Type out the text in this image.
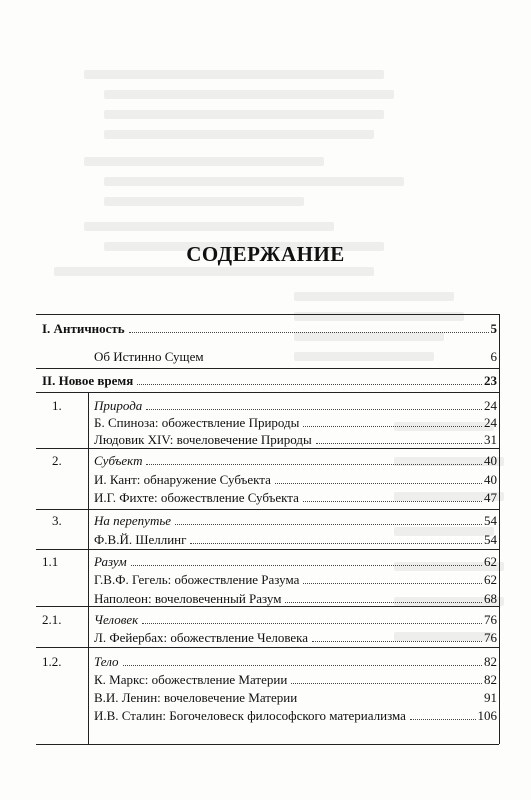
СОДЕРЖАНИЕ
I. Античность	5
Об Истинно Сущем	6
II. Новое время	23
1. Природа	24
Б. Спиноза: обожествление Природы	24
Людовик XIV: вочеловечение Природы	31
2. Субъект	40
И. Кант: обнаружение Субъекта	40
И.Г. Фихте: обожествление Субъекта	47
3. На перепутье	54
Ф.В.Й. Шеллинг	54
1.1	Разум	62
Г.В.Ф. Гегель: обожествление Разума	62
Наполеон: вочеловеченный Разум	68
2.1.	Человек	76
Л. Фейербах: обожествление Человека	76
1.2.	Тело	82
К. Маркс: обожествление Материи	82
В.И. Ленин: вочеловечение Материи	91
И.В. Сталин: Богочеловеск философского материализма	106
